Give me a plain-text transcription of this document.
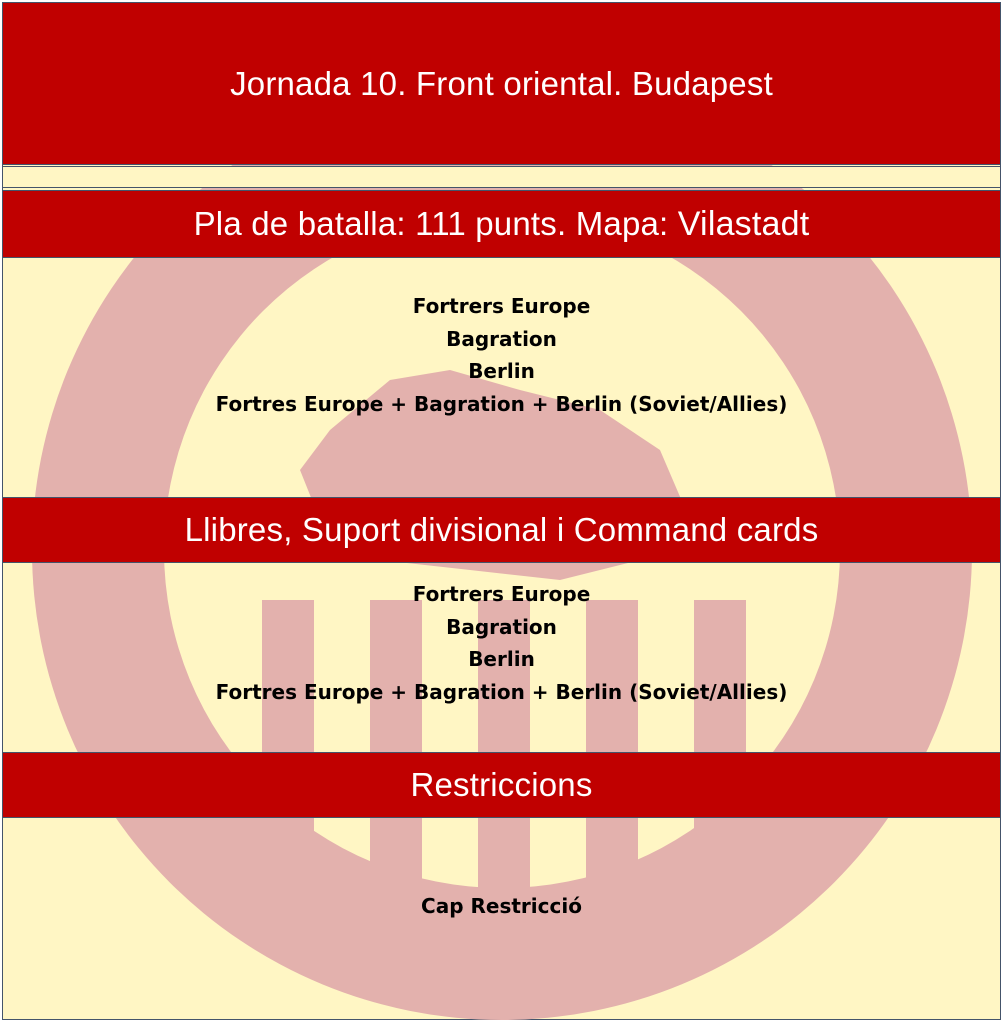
Jornada 10. Front oriental. Budapest
Pla de batalla: 111 punts. Mapa: Vilastadt
Fortrers Europe
Bagration
Berlin
Fortres Europe + Bagration + Berlin (Soviet/Allies)
Llibres, Suport divisional i Command cards
Fortrers Europe
Bagration
Berlin
Fortres Europe + Bagration + Berlin (Soviet/Allies)
Restriccions
Cap Restricció
